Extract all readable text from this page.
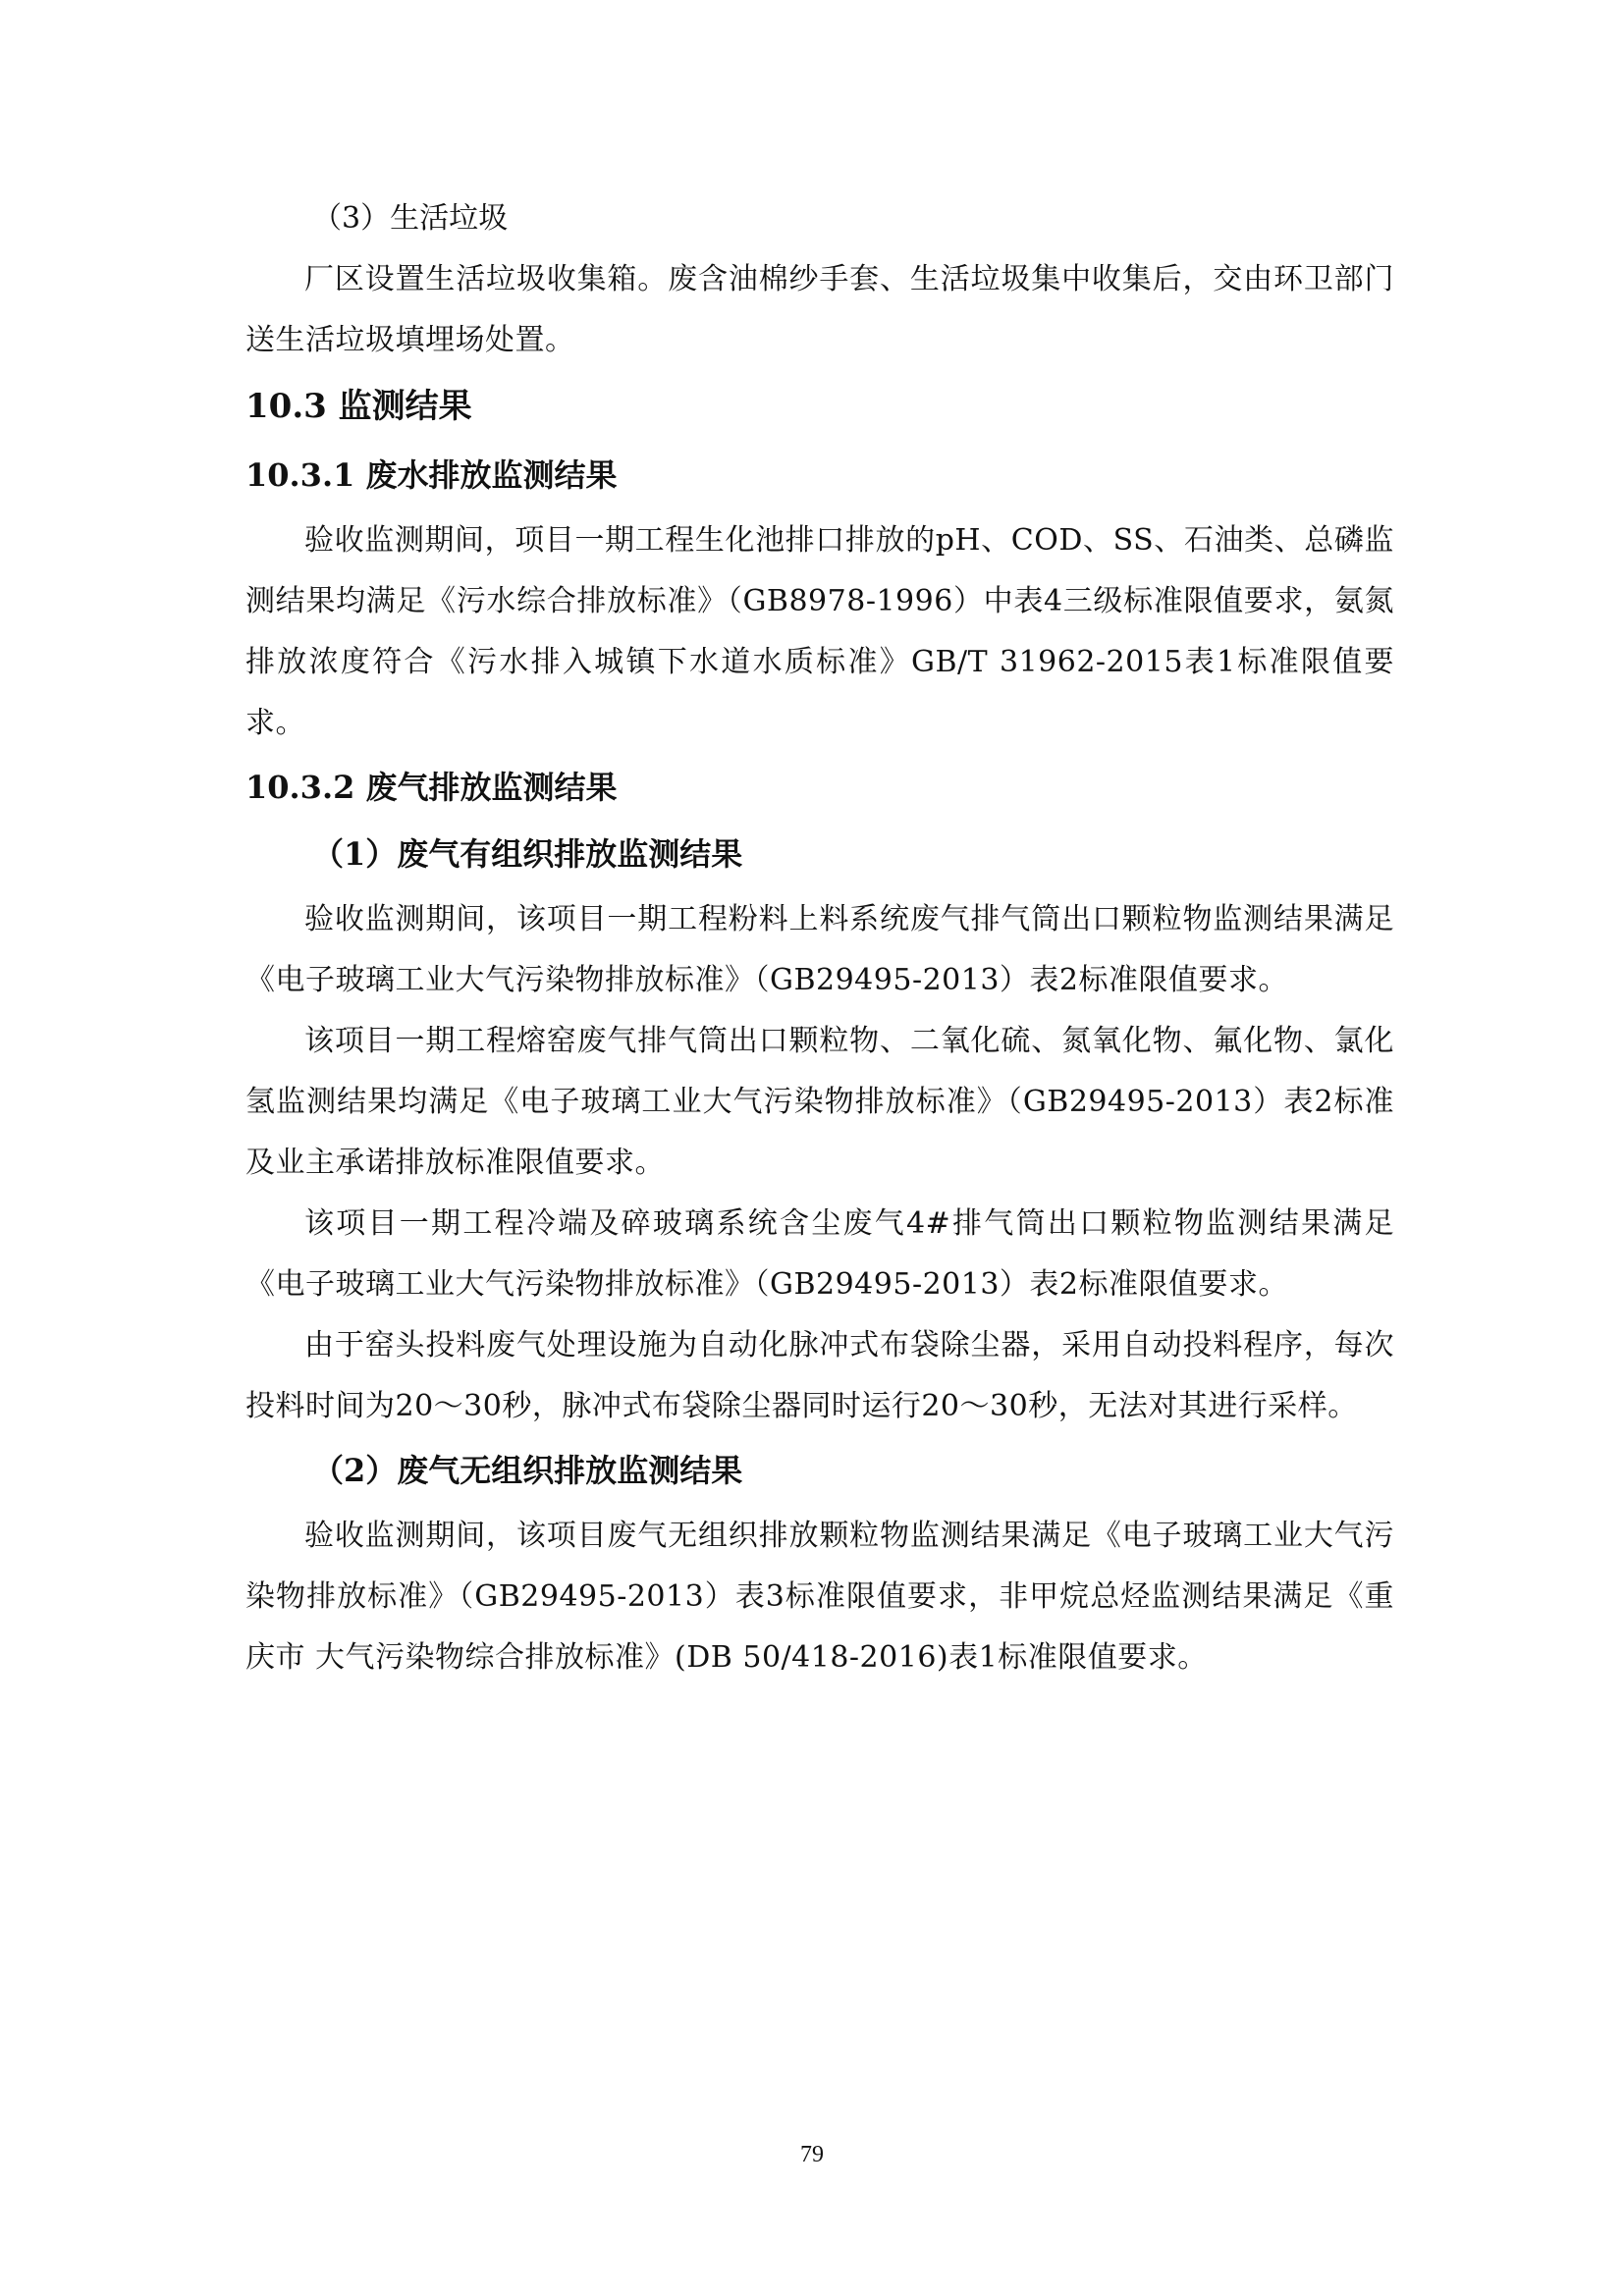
（3）生活垃圾

厂区设置生活垃圾收集箱。废含油棉纱手套、生活垃圾集中收集后，交由环卫部门送生活垃圾填埋场处置。

10.3 监测结果
10.3.1 废水排放监测结果

验收监测期间，项目一期工程生化池排口排放的pH、COD、SS、石油类、总磷监测结果均满足《污水综合排放标准》（GB8978-1996）中表4三级标准限值要求，氨氮排放浓度符合《污水排入城镇下水道水质标准》GB/T 31962-2015表1标准限值要求。

10.3.2 废气排放监测结果
（1）废气有组织排放监测结果

验收监测期间，该项目一期工程粉料上料系统废气排气筒出口颗粒物监测结果满足《电子玻璃工业大气污染物排放标准》（GB29495-2013）表2标准限值要求。

该项目一期工程熔窑废气排气筒出口颗粒物、二氧化硫、氮氧化物、氟化物、氯化氢监测结果均满足《电子玻璃工业大气污染物排放标准》（GB29495-2013）表2标准及业主承诺排放标准限值要求。

该项目一期工程冷端及碎玻璃系统含尘废气4#排气筒出口颗粒物监测结果满足《电子玻璃工业大气污染物排放标准》（GB29495-2013）表2标准限值要求。

由于窑头投料废气处理设施为自动化脉冲式布袋除尘器，采用自动投料程序，每次投料时间为20～30秒，脉冲式布袋除尘器同时运行20～30秒，无法对其进行采样。

（2）废气无组织排放监测结果

验收监测期间，该项目废气无组织排放颗粒物监测结果满足《电子玻璃工业大气污染物排放标准》（GB29495-2013）表3标准限值要求，非甲烷总烃监测结果满足《重庆市 大气污染物综合排放标准》(DB 50/418-2016)表1标准限值要求。

79
